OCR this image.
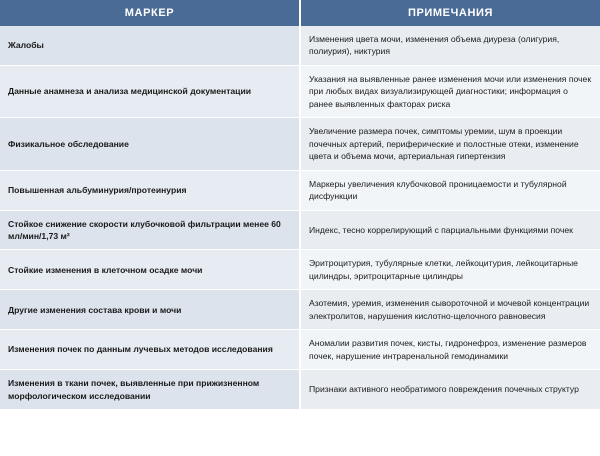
МАРКЕР	ПРИМЕЧАНИЯ
Жалобы	Изменения цвета мочи, изменения объема диуреза (олигурия, полиурия), никтурия
Данные анамнеза и анализа медицинской документации	Указания на выявленные ранее изменения мочи или изменения почек при любых видах визуализирующей диагностики; информация о ранее выявленных факторах риска
Физикальное обследование	Увеличение размера почек, симптомы уремии, шум в проекции почечных артерий, периферические и полостные отеки, изменение цвета и объема мочи, артериальная гипертензия
Повышенная альбуминурия/протеинурия	Маркеры увеличения клубочковой проницаемости и тубулярной дисфункции
Стойкое снижение скорости клубочковой фильтрации менее 60 мл/мин/1,73 м²	Индекс, тесно коррелирующий с парциальными функциями почек
Стойкие изменения в клеточном осадке мочи	Эритроцитурия, тубулярные клетки, лейкоцитурия, лейкоцитарные цилиндры, эритроцитарные цилиндры
Другие изменения состава крови и мочи	Азотемия, уремия, изменения сывороточной и мочевой концентрации электролитов, нарушения кислотно-щелочного равновесия
Изменения почек по данным лучевых методов исследования	Аномалии развития почек, кисты, гидронефроз, изменение размеров почек, нарушение интраренальной гемодинамики
Изменения в ткани почек, выявленные при прижизненном морфологическом исследовании	Признаки активного необратимого повреждения почечных структур
